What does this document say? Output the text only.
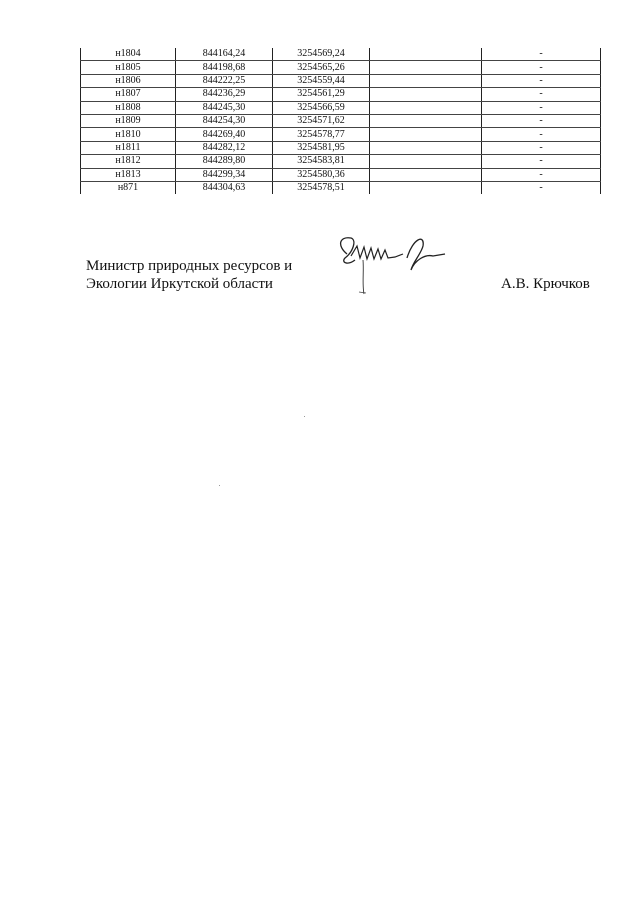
н1804	844164,24	3254569,24		-
н1805	844198,68	3254565,26		-
н1806	844222,25	3254559,44		-
н1807	844236,29	3254561,29		-
н1808	844245,30	3254566,59		-
н1809	844254,30	3254571,62		-
н1810	844269,40	3254578,77		-
н1811	844282,12	3254581,95		-
н1812	844289,80	3254583,81		-
н1813	844299,34	3254580,36		-
н871	844304,63	3254578,51		-
Министр природных ресурсов и
Экологии Иркутской области	А.В. Крючков
